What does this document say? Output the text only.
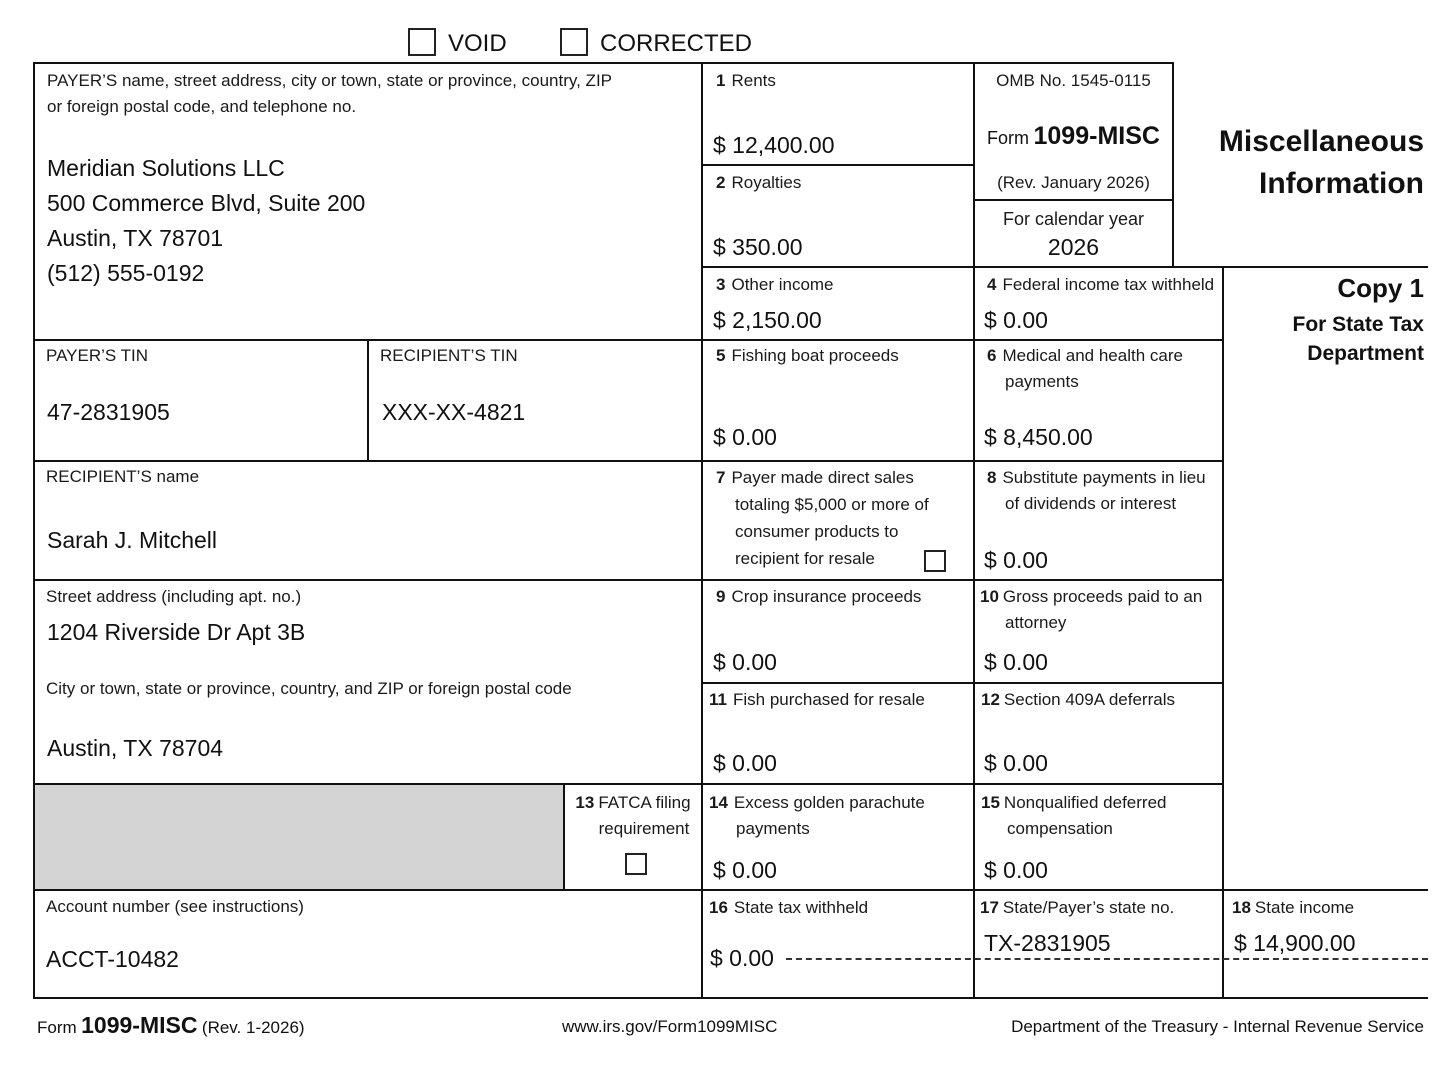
VOID	CORRECTED
PAYER’S name, street address, city or town, state or province, country, ZIP
or foreign postal code, and telephone no.
Meridian Solutions LLC
500 Commerce Blvd, Suite 200
Austin, TX 78701
(512) 555-0192
PAYER’S TIN
47-2831905
RECIPIENT’S TIN
XXX-XX-4821
RECIPIENT’S name
Sarah J. Mitchell
Street address (including apt. no.)
1204 Riverside Dr Apt 3B
City or town, state or province, country, and ZIP or foreign postal code
Austin, TX 78704
Account number (see instructions)
ACCT-10482
OMB No. 1545-0115
Form 1099-MISC
(Rev. January 2026)
For calendar year
2026
Miscellaneous
Information
Copy 1
For State Tax
Department
1 Rents
$ 12,400.00
2 Royalties
$ 350.00
3 Other income
$ 2,150.00
4 Federal income tax withheld
$ 0.00
5 Fishing boat proceeds
$ 0.00
6 Medical and health care
payments
$ 8,450.00
7 Payer made direct sales
totaling $5,000 or more of
consumer products to
recipient for resale
8 Substitute payments in lieu
of dividends or interest
$ 0.00
9 Crop insurance proceeds
$ 0.00
10 Gross proceeds paid to an
attorney
$ 0.00
11 Fish purchased for resale
$ 0.00
12 Section 409A deferrals
$ 0.00
13 FATCA filing
requirement
14 Excess golden parachute
payments
$ 0.00
15 Nonqualified deferred
compensation
$ 0.00
16 State tax withheld
$ 0.00
17 State/Payer’s state no.
TX-2831905
18 State income
$ 14,900.00
Form 1099-MISC (Rev. 1-2026)	www.irs.gov/Form1099MISC	Department of the Treasury - Internal Revenue Service
